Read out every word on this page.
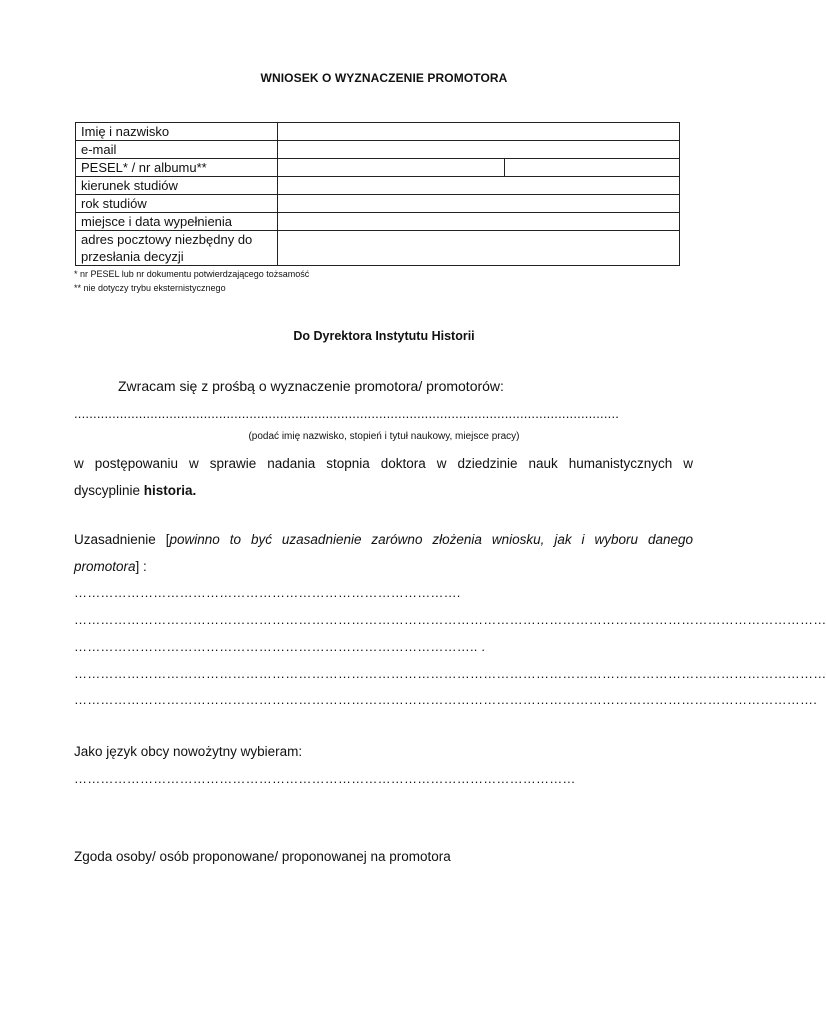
WNIOSEK O WYZNACZENIE PROMOTORA
Imię i nazwisko		
e-mail		
PESEL* / nr albumu**		
kierunek studiów		
rok studiów		
miejsce i data wypełnienia		
adres pocztowy niezbędny do
przesłania decyzji		
* nr PESEL lub nr dokumentu potwierdzającego tożsamość
** nie dotyczy trybu eksternistycznego
Do Dyrektora Instytutu Historii
Zwracam się z prośbą o wyznaczenie promotora/ promotorów:
...............................................................................................................................................
(podać imię nazwisko, stopień i tytuł naukowy, miejsce pracy)
w postępowaniu w sprawie nadania stopnia doktora w dziedzinie nauk humanistycznych w
dyscyplinie historia.
Uzasadnienie [powinno to być uzasadnienie zarówno złożenia wniosku, jak i wyboru danego
promotora] :
…………………………………………………………………………….
………………………………………………………………………………………………………………………………………………………
……………………………………………………………………………….. .
………………………………………………………………………………………………………………………………………………………
…………………………………………………………………………………………………………………………………………………….
Jako język obcy nowożytny wybieram:
……………………………………………………………………………………………………
Zgoda osoby/ osób proponowane/ proponowanej na promotora
